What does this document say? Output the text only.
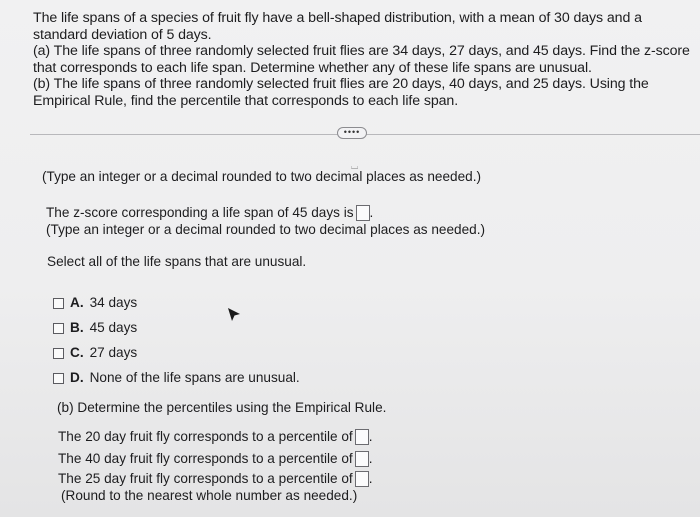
The life spans of a species of fruit fly have a bell-shaped distribution, with a mean of 30 days and a standard deviation of 5 days.

(a) The life spans of three randomly selected fruit flies are 34 days, 27 days, and 45 days. Find the z-score that corresponds to each life span. Determine whether any of these life spans are unusual.

(b) The life spans of three randomly selected fruit flies are 20 days, 40 days, and 25 days. Using the Empirical Rule, find the percentile that corresponds to each life span.

••••
⌴
(Type an integer or a decimal rounded to two decimal places as needed.)
The z-score corresponding a life span of 45 days is .
(Type an integer or a decimal rounded to two decimal places as needed.)
Select all of the life spans that are unusual.
A. 34 days
B. 45 days
C. 27 days
D. None of the life spans are unusual.
(b) Determine the percentiles using the Empirical Rule.
The 20 day fruit fly corresponds to a percentile of .
The 40 day fruit fly corresponds to a percentile of .
The 25 day fruit fly corresponds to a percentile of .
(Round to the nearest whole number as needed.)
